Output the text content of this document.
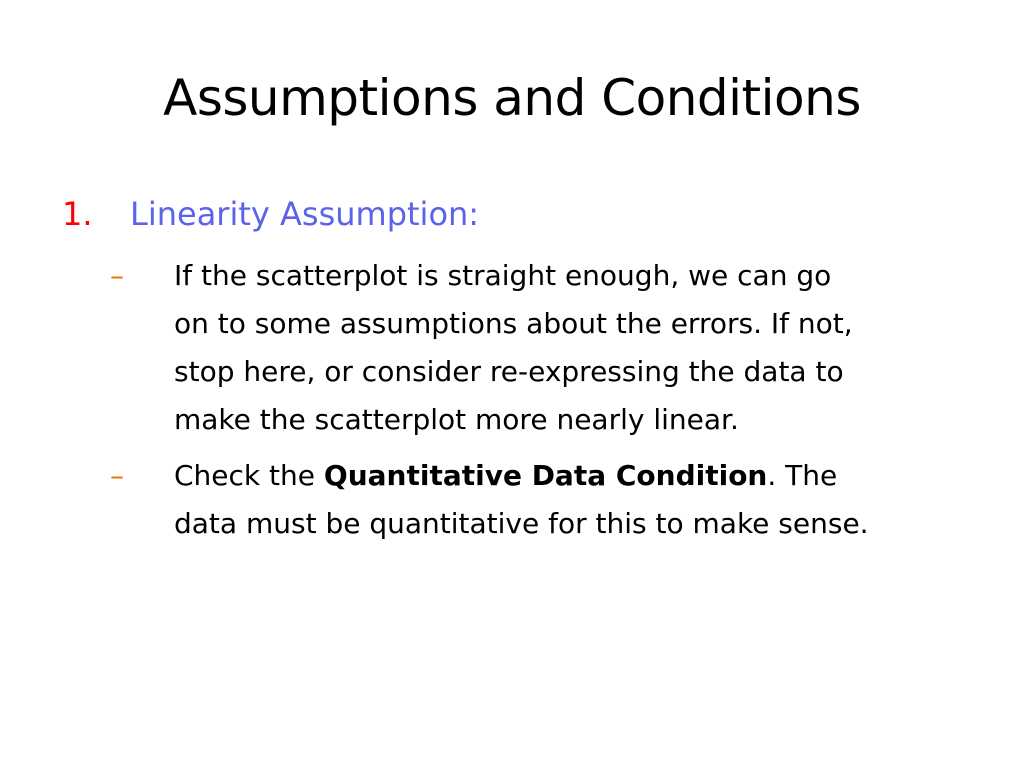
Assumptions and Conditions
1. Linearity Assumption:
– If the scatterplot is straight enough, we can go
on to some assumptions about the errors. If not,
stop here, or consider re-expressing the data to
make the scatterplot more nearly linear.
– Check the Quantitative Data Condition. The
data must be quantitative for this to make sense.
